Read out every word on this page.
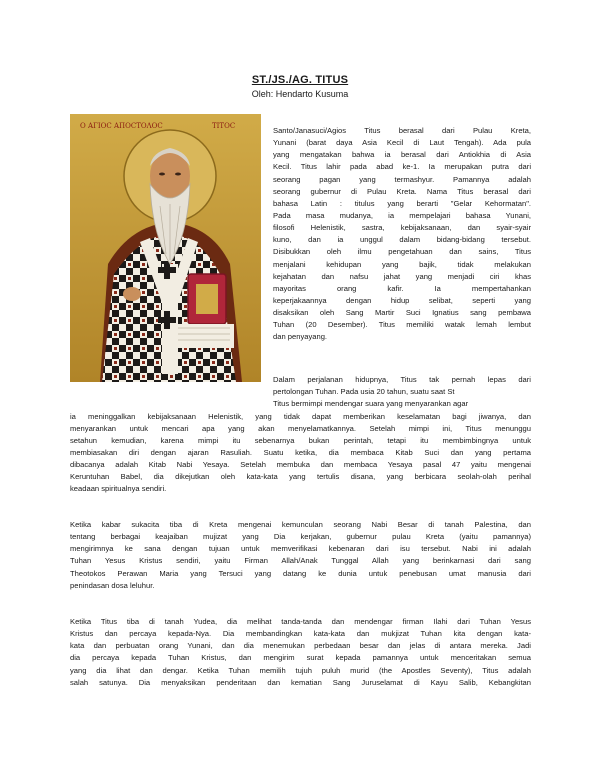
ST./JS./AG. TITUS
Oleh: Hendarto Kusuma
Ο ΑΓΙΟϹ ΑΠΟϹΤΟΛΟϹ	ΤΙΤΟϹ	Santo/Janasuci/Agios Titus berasal dari Pulau Kreta,
Yunani (barat daya Asia Kecil di Laut Tengah). Ada pula
yang mengatakan bahwa ia berasal dari Antiokhia di Asia
Kecil. Titus lahir pada abad ke-1. Ia merupakan putra dari
seorang pagan yang termashyur. Pamannya adalah
seorang gubernur di Pulau Kreta. Nama Titus berasal dari
bahasa Latin : titulus yang berarti "Gelar Kehormatan".
Pada masa mudanya, ia mempelajari bahasa Yunani,
filosofi Helenistik, sastra, kebijaksanaan, dan syair-syair
kuno, dan ia unggul dalam bidang-bidang tersebut.
Disibukkan oleh ilmu pengetahuan dan sains, Titus
menjalani kehidupan yang bajik, tidak melakukan
kejahatan dan nafsu jahat yang menjadi ciri khas
mayoritas orang kafir. Ia mempertahankan
keperjakaannya dengan hidup selibat, seperti yang
disaksikan oleh Sang Martir Suci Ignatius sang pembawa
Tuhan (20 Desember). Titus memiliki watak lemah lembut
dan penyayang.
Dalam perjalanan hidupnya, Titus tak pernah lepas dari
pertolongan Tuhan. Pada usia 20 tahun, suatu saat St
Titus bermimpi mendengar suara yang menyarankan agar
ia meninggalkan kebijaksanaan Helenistik, yang tidak dapat memberikan keselamatan bagi jiwanya, dan
menyarankan untuk mencari apa yang akan menyelamatkannya. Setelah mimpi ini, Titus menunggu
setahun kemudian, karena mimpi itu sebenarnya bukan perintah, tetapi itu membimbingnya untuk
membiasakan diri dengan ajaran Rasuliah. Suatu ketika, dia membaca Kitab Suci dan yang pertama
dibacanya adalah Kitab Nabi Yesaya. Setelah membuka dan membaca Yesaya pasal 47 yaitu mengenai
Keruntuhan Babel, dia dikejutkan oleh kata-kata yang tertulis disana, yang berbicara seolah-olah perihal
keadaan spiritualnya sendiri.
Ketika kabar sukacita tiba di Kreta mengenai kemunculan seorang Nabi Besar di tanah Palestina, dan
tentang berbagai keajaiban mujizat yang Dia kerjakan, gubernur pulau Kreta (yaitu pamannya)
mengirimnya ke sana dengan tujuan untuk memverifikasi kebenaran dari isu tersebut. Nabi ini adalah
Tuhan Yesus Kristus sendiri, yaitu Firman Allah/Anak Tunggal Allah yang berinkarnasi dari sang
Theotokos Perawan Maria yang Tersuci yang datang ke dunia untuk penebusan umat manusia dari
penindasan dosa leluhur.
Ketika Titus tiba di tanah Yudea, dia melihat tanda-tanda dan mendengar firman Ilahi dari Tuhan Yesus
Kristus dan percaya kepada-Nya. Dia membandingkan kata-kata dan mukjizat Tuhan kita dengan kata-
kata dan perbuatan orang Yunani, dan dia menemukan perbedaan besar dan jelas di antara mereka. Jadi
dia percaya kepada Tuhan Kristus, dan mengirim surat kepada pamannya untuk menceritakan semua
yang dia lihat dan dengar. Ketika Tuhan memilih tujuh puluh murid (the Apostles Seventy), Titus adalah
salah satunya. Dia menyaksikan penderitaan dan kematian Sang Juruselamat di Kayu Salib, Kebangkitan
